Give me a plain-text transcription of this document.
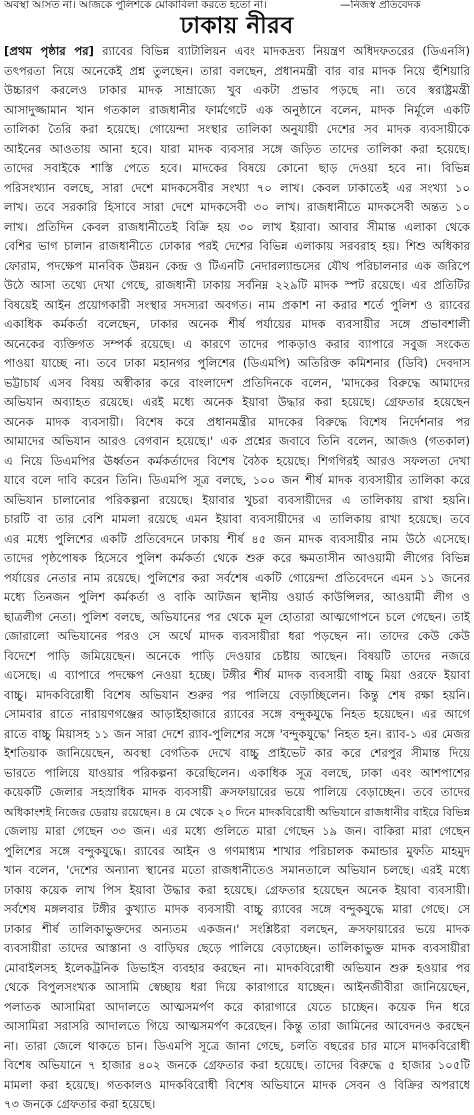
অবস্থা আসত না। আজকে পুলিশকে মোকাবিলা করতে হতো না।	—নিজস্ব প্রতিবেদক
ঢাকায় নীরব
[প্রথম পৃষ্ঠার পর] র‍্যাবের বিভিন্ন ব্যাটালিয়ন এবং মাদকদ্রব্য নিয়ন্ত্রণ অধিদফতরের (ডিএনসি)
তৎপরতা নিয়ে অনেকেই প্রশ্ন তুলছেন। তারা বলছেন, প্রধানমন্ত্রী বার বার মাদক নিয়ে হুঁশিয়ারি
উচ্চারণ করলেও ঢাকার মাদক সাম্রাজ্যে খুব একটা প্রভাব পড়ছে না। তবে স্বরাষ্ট্রমন্ত্রী
আসাদুজ্জামান খান গতকাল রাজধানীর ফার্মগেটে এক অনুষ্ঠানে বলেন, মাদক নির্মূলে একটি
তালিকা তৈরি করা হয়েছে। গোয়েন্দা সংস্থার তালিকা অনুযায়ী দেশের সব মাদক ব্যবসায়ীকে
আইনের আওতায় আনা হবে। যারা মাদক ব্যবসার সঙ্গে জড়িত তাদের তালিকা করা হয়েছে।
তাদের সবাইকে শাস্তি পেতে হবে। মাদকের বিষয়ে কোনো ছাড় দেওয়া হবে না। বিভিন্ন
পরিসংখ্যান বলছে, সারা দেশে মাদকসেবীর সংখ্যা ৭০ লাখ। কেবল ঢাকাতেই এর সংখ্যা ১০
লাখ। তবে সরকারি হিসাবে সারা দেশে মাদকসেবী ৩০ লাখ। রাজধানীতে মাদকসেবী অন্তত ১০
লাখ। প্রতিদিন কেবল রাজধানীতেই বিক্রি হয় ৩০ লাখ ইয়াবা। আবার সীমান্ত এলাকা থেকে
বেশির ভাগ চালান রাজধানীতে ঢোকার পরই দেশের বিভিন্ন এলাকায় সরবরাহ হয়। শিশু অধিকার
ফোরাম, পদক্ষেপ মানবিক উন্নয়ন কেন্দ্র ও টিএনটি নেদারল্যান্ডসের যৌথ পরিচালনার এক জরিপে
উঠে আসা তথ্যে দেখা গেছে, রাজধানী ঢাকায় সর্বনিম্ন ২২৯টি মাদক স্পট রয়েছে। এর প্রতিটির
বিষয়েই আইন প্রয়োগকারী সংস্থার সদস্যরা অবগত। নাম প্রকাশ না করার শর্তে পুলিশ ও র‍্যাবের
একাধিক কর্মকর্তা বলেছেন, ঢাকার অনেক শীর্ষ পর্যায়ের মাদক ব্যবসায়ীর সঙ্গে প্রভাবশালী
অনেকের ব্যক্তিগত সম্পর্ক রয়েছে। এ কারণে তাদের পাকড়াও করার ব্যাপারে সবুজ সংকেত
পাওয়া যাচ্ছে না। তবে ঢাকা মহানগর পুলিশের (ডিএমপি) অতিরিক্ত কমিশনার (ডিবি) দেবদাস
ভট্টাচার্য এসব বিষয় অস্বীকার করে বাংলাদেশ প্রতিদিনকে বলেন, 'মাদকের বিরুদ্ধে আমাদের
অভিযান অব্যাহত রয়েছে। এরই মধ্যে অনেক ইয়াবা উদ্ধার করা হয়েছে। গ্রেফতার হয়েছেন
অনেক মাদক ব্যবসায়ী। বিশেষ করে প্রধানমন্ত্রীর মাদকের বিরুদ্ধে বিশেষ নির্দেশনার পর
আমাদের অভিযান আরও বেগবান হয়েছে।' এক প্রশ্নের জবাবে তিনি বলেন, আজও (গতকাল)
এ নিয়ে ডিএমপির ঊর্ধ্বতন কর্মকর্তাদের বিশেষ বৈঠক হয়েছে। শিগগিরই আরও সফলতা দেখা
যাবে বলে দাবি করেন তিনি। ডিএমপি সূত্র বলছে, ১০০ জন শীর্ষ মাদক ব্যবসায়ীর তালিকা করে
অভিযান চালানোর পরিকল্পনা রয়েছে। ইয়াবার খুচরা ব্যবসায়ীদের এ তালিকায় রাখা হয়নি।
চারটি বা তার বেশি মামলা রয়েছে এমন ইয়াবা ব্যবসায়ীদের এ তালিকায় রাখা হয়েছে। তবে
এর মধ্যে পুলিশের একটি প্রতিবেদনে ঢাকায় শীর্ষ ৪৫ জন মাদক ব্যবসায়ীর নাম উঠে এসেছে।
তাদের পৃষ্ঠপোষক হিসেবে পুলিশ কর্মকর্তা থেকে শুরু করে ক্ষমতাসীন আওয়ামী লীগের বিভিন্ন
পর্যায়ের নেতার নাম রয়েছে। পুলিশের করা সর্বশেষ একটি গোয়েন্দা প্রতিবেদনে এমন ১১ জনের
মধ্যে তিনজন পুলিশ কর্মকর্তা ও বাকি আটজন স্থানীয় ওয়ার্ড কাউন্সিলর, আওয়ামী লীগ ও
ছাত্রলীগ নেতা। পুলিশ বলছে, অভিযানের পর থেকে মূল হোতারা আত্মগোপনে চলে গেছেন। তাই
জোরালো অভিযানের পরও সে অর্থে মাদক ব্যবসায়ীরা ধরা পড়ছেন না। তাদের কেউ কেউ
বিদেশে পাড়ি জমিয়েছেন। অনেকে পাড়ি দেওয়ার চেষ্টায় আছেন। বিষয়টি তাদের নজরে
এসেছে। এ ব্যাপারে পদক্ষেপ নেওয়া হচ্ছে। টঙ্গীর শীর্ষ মাদক ব্যবসায়ী বাচ্চু মিয়া ওরফে ইয়াবা
বাচ্চু। মাদকবিরোধী বিশেষ অভিযান শুরুর পর পালিয়ে বেড়াচ্ছিলেন। কিন্তু শেষ রক্ষা হয়নি।
সোমবার রাতে নারায়ণগঞ্জের আড়াইহাজারে র‍্যাবের সঙ্গে বন্দুকযুদ্ধে নিহত হয়েছেন। এর আগে
রাতে বাচ্চু মিয়াসহ ১১ জন সারা দেশে র‍্যাব-পুলিশের সঙ্গে 'বন্দুকযুদ্ধে' নিহত হন। র‍্যাব-১ এর মেজর
ইশতিয়াক জানিয়েছেন, অবস্থা বেগতিক দেখে বাচ্চু প্রাইভেট কার করে শেরপুর সীমান্ত দিয়ে
ভারতে পালিয়ে যাওয়ার পরিকল্পনা করেছিলেন। একাধিক সূত্র বলছে, ঢাকা এবং আশপাশের
কয়েকটি জেলার সহস্রাধিক মাদক ব্যবসায়ী ক্রসফায়ারের ভয়ে পালিয়ে বেড়াচ্ছেন। তবে তাদের
অধিকাংশই নিজের ডেরায় রয়েছেন। ৪ মে থেকে ২০ দিনে মাদকবিরোধী অভিযানে রাজধানীর বাইরে বিভিন্ন
জেলায় মারা গেছেন ৩৩ জন। এর মধ্যে গুলিতে মারা গেছেন ১৯ জন। বাকিরা মারা গেছেন
পুলিশের সঙ্গে বন্দুকযুদ্ধে। র‍্যাবের আইন ও গণমাধ্যম শাখার পরিচালক কমান্ডার মুফতি মাহমুদ
খান বলেন, 'দেশের অন্যান্য স্থানের মতো রাজধানীতেও সমানতালে অভিযান চলছে। এরই মধ্যে
ঢাকায় কয়েক লাখ পিস ইয়াবা উদ্ধার করা হয়েছে। গ্রেফতার হয়েছেন অনেক ইয়াবা ব্যবসায়ী।
সর্বশেষ মঙ্গলবার টঙ্গীর কুখ্যাত মাদক ব্যবসায়ী বাচ্চু র‍্যাবের সঙ্গে বন্দুকযুদ্ধে মারা গেছে। সে
ঢাকার শীর্ষ তালিকাভুক্তদের অন্যতম একজন।' সংশ্লিষ্টরা বলছেন, ক্রসফায়ারের ভয়ে মাদক
ব্যবসায়ীরা তাদের আস্তানা ও বাড়িঘর ছেড়ে পালিয়ে বেড়াচ্ছেন। তালিকাভুক্ত মাদক ব্যবসায়ীরা
মোবাইলসহ ইলেকট্রনিক ডিভাইস ব্যবহার করছেন না। মাদকবিরোধী অভিযান শুরু হওয়ার পর
থেকে বিপুলসংখ্যক আসামি স্বেচ্ছায় ধরা দিয়ে কারাগারে যাচ্ছেন। আইনজীবীরা জানিয়েছেন,
পলাতক আসামিরা আদালতে আত্মসমর্পণ করে কারাগারে যেতে চাচ্ছেন। কয়েক দিন ধরে
আসামিরা সরাসরি আদালতে গিয়ে আত্মসমর্পণ করেছেন। কিন্তু তারা জামিনের আবেদনও করছেন
না। তারা জেলে থাকতে চান। ডিএমপি সূত্রে জানা গেছে, চলতি বছরের চার মাসে মাদকবিরোধী
বিশেষ অভিযানে ৭ হাজার ৪০২ জনকে গ্রেফতার করা হয়েছে। তাদের বিরুদ্ধে ৫ হাজার ১০৫টি
মামলা করা হয়েছে। গতকালও মাদকবিরোধী বিশেষ অভিযানে মাদক সেবন ও বিক্রির অপরাধে
৭৩ জনকে গ্রেফতার করা হয়েছে।
